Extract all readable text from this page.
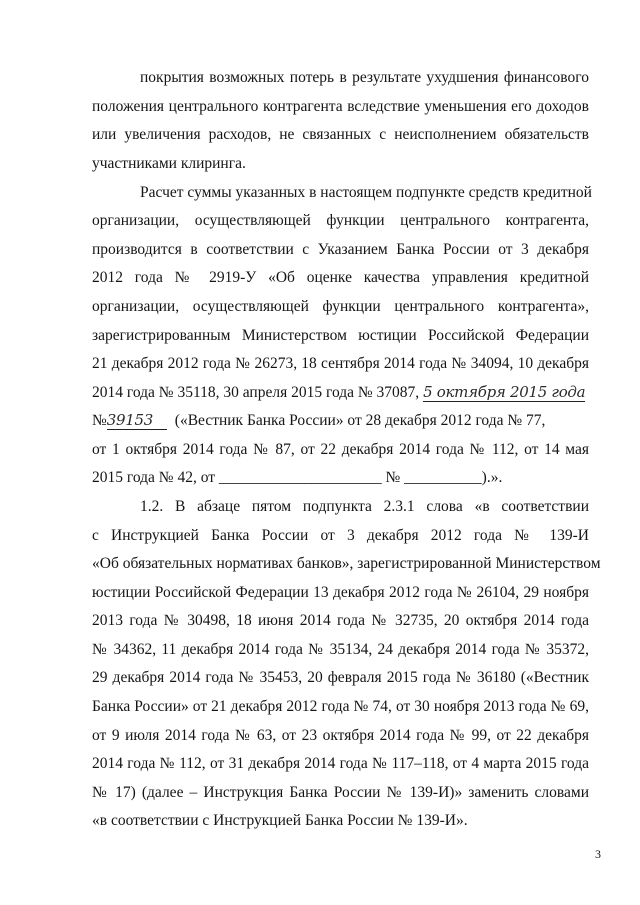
покрытия возможных потерь в результате ухудшения финансового
положения центрального контрагента вследствие уменьшения его доходов
или увеличения расходов, не связанных с неисполнением обязательств
участниками клиринга.
Расчет суммы указанных в настоящем подпункте средств кредитной
организации, осуществляющей функции центрального контрагента,
производится в соответствии с Указанием Банка России от 3 декабря
2012 года № 2919-У «Об оценке качества управления кредитной
организации, осуществляющей функции центрального контрагента»,
зарегистрированным Министерством юстиции Российской Федерации
21 декабря 2012 года № 26273, 18 сентября 2014 года № 34094, 10 декабря
2014 года № 35118, 30 апреля 2015 года № 37087, 5 октября 2015 года
№39153 («Вестник Банка России» от 28 декабря 2012 года № 77,
от 1 октября 2014 года № 87, от 22 декабря 2014 года № 112, от 14 мая
2015 года № 42, от _____________________ № __________).».
1.2. В абзаце пятом подпункта 2.3.1 слова «в соответствии
с Инструкцией Банка России от 3 декабря 2012 года № 139-И
«Об обязательных нормативах банков», зарегистрированной Министерством
юстиции Российской Федерации 13 декабря 2012 года № 26104, 29 ноября
2013 года № 30498, 18 июня 2014 года № 32735, 20 октября 2014 года
№ 34362, 11 декабря 2014 года № 35134, 24 декабря 2014 года № 35372,
29 декабря 2014 года № 35453, 20 февраля 2015 года № 36180 («Вестник
Банка России» от 21 декабря 2012 года № 74, от 30 ноября 2013 года № 69,
от 9 июля 2014 года № 63, от 23 октября 2014 года № 99, от 22 декабря
2014 года № 112, от 31 декабря 2014 года № 117–118, от 4 марта 2015 года
№ 17) (далее – Инструкция Банка России № 139-И)» заменить словами
«в соответствии с Инструкцией Банка России № 139-И».
3
